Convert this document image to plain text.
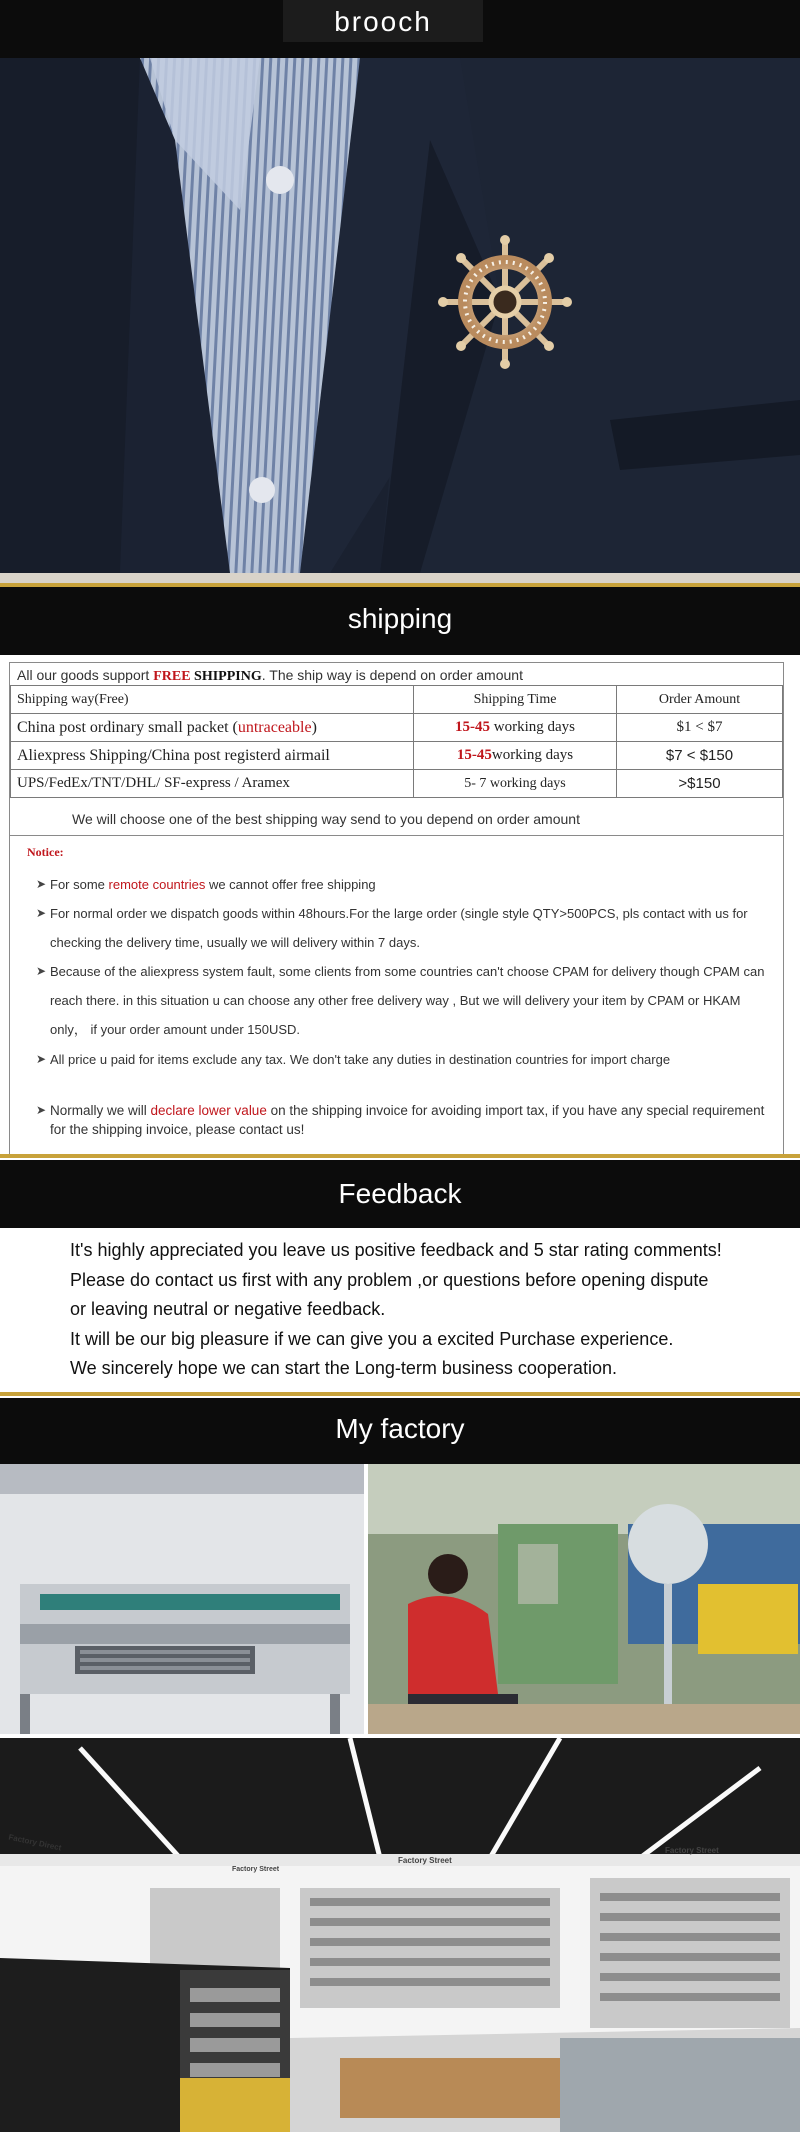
brooch
shipping
All our goods support FREE SHIPPING. The ship way is depend on order amount
Shipping way(Free)	Shipping Time	Order Amount
China post ordinary small packet (untraceable)	15-45 working days	$1 < $7
Aliexpress Shipping/China post registerd airmail	15-45working days	$7 < $150
UPS/FedEx/TNT/DHL/ SF-express / Aramex	5- 7 working days	>$150
We will choose one of the best shipping way send to you depend on order amount
Notice:
➤ For some remote countries we cannot offer free shipping
➤ For normal order we dispatch goods within 48hours.For the large order (single style QTY>500PCS, pls contact with us for checking the delivery time, usually we will delivery within 7 days.
➤ Because of the aliexpress system fault, some clients from some countries can't choose CPAM for delivery though CPAM can reach there. in this situation u can choose any other free delivery way , But we will delivery your item by CPAM or HKAM only， if your order amount under 150USD.
➤ All price u paid for items exclude any tax. We don't take any duties in destination countries for import charge
➤ Normally we will declare lower value on the shipping invoice for avoiding import tax, if you have any special requirement for the shipping invoice, please contact us!
Feedback
It's highly appreciated you leave us positive feedback and 5 star rating comments!
Please do contact us first with any problem ,or questions before opening dispute
or leaving neutral or negative feedback.
It will be our big pleasure if we can give you a excited Purchase experience.
We sincerely hope we can start the Long-term business cooperation.
My factory
Factory Direct
Factory Street
Factory Street
Factory Street
